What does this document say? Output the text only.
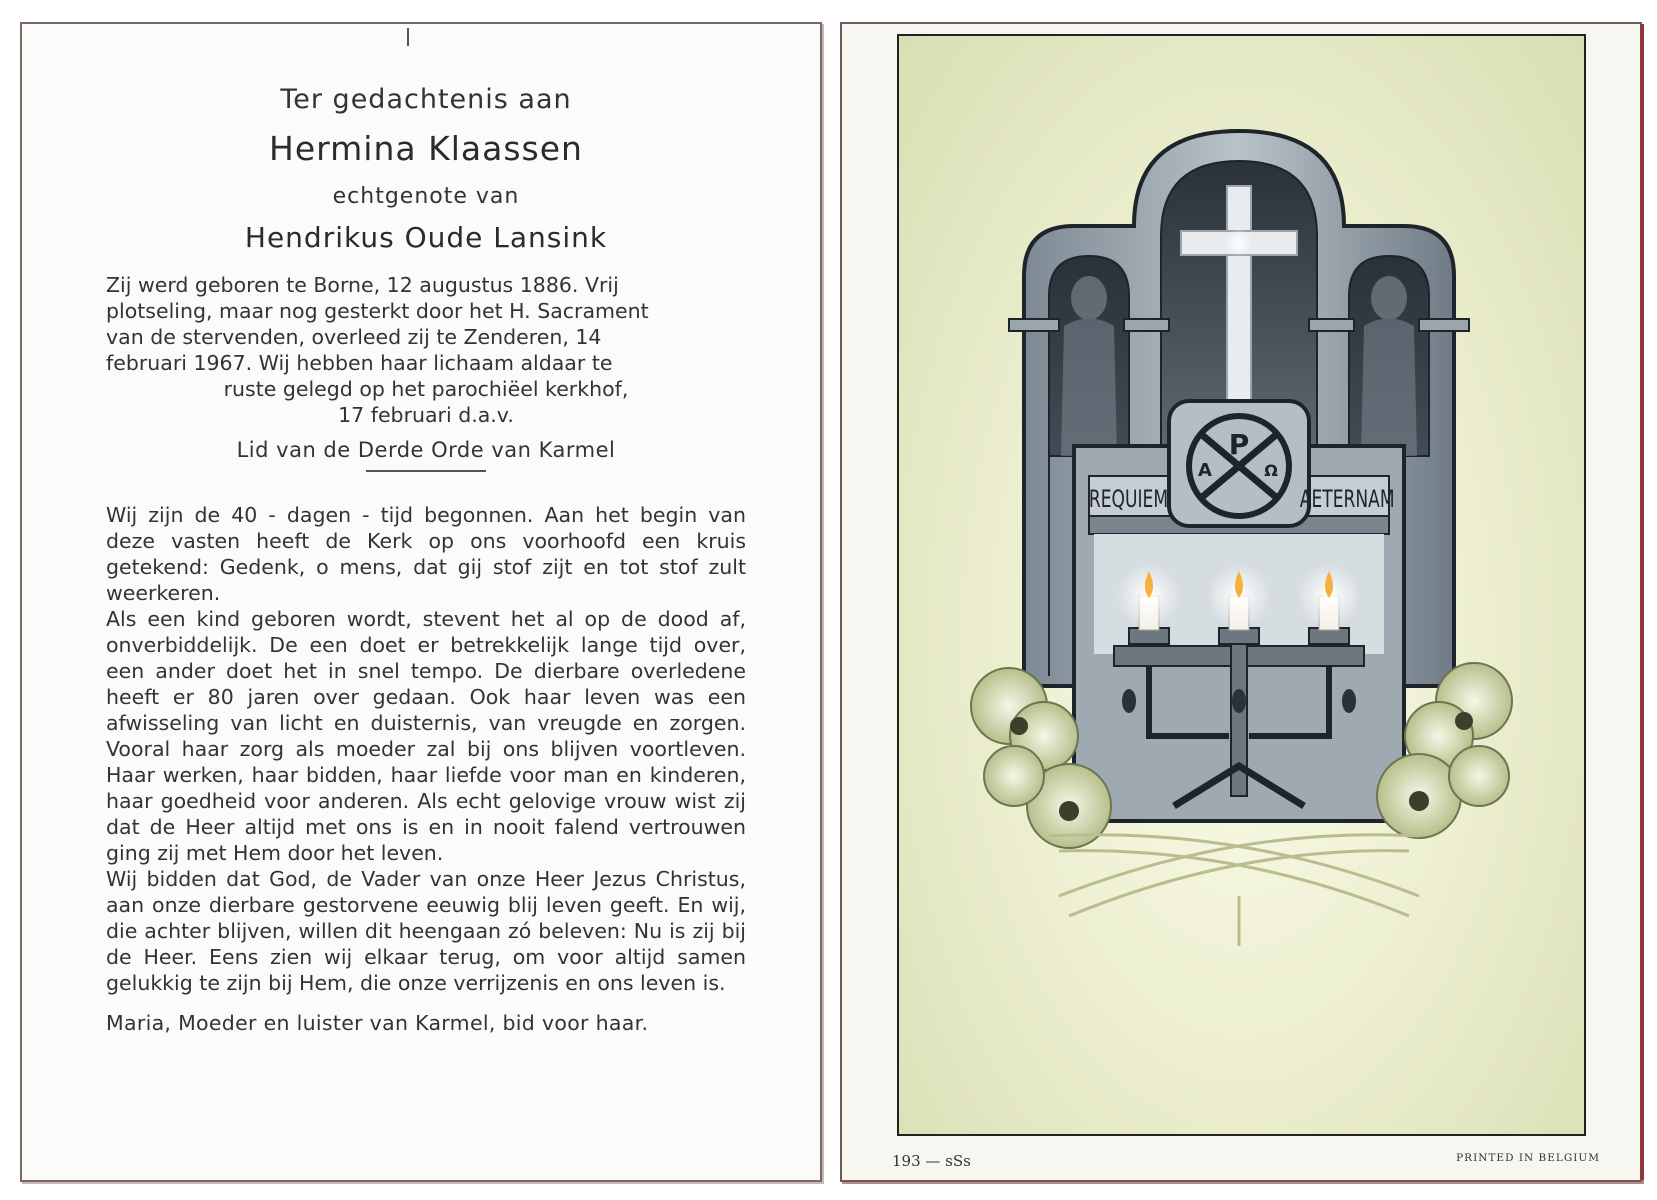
Ter gedachtenis aan
Hermina Klaassen
echtgenote van
Hendrikus Oude Lansink
Zij werd geboren te Borne, 12 augustus 1886. Vrij
plotseling, maar nog gesterkt door het H. Sacrament
van de stervenden, overleed zij te Zenderen, 14
februari 1967. Wij hebben haar lichaam aldaar te
ruste gelegd op het parochiëel kerkhof,
17 februari d.a.v.
Lid van de Derde Orde van Karmel

Wij zijn de 40 - dagen - tijd begonnen. Aan het begin van deze vasten heeft de Kerk op ons voorhoofd een kruis getekend: Gedenk, o mens, dat gij stof zijt en tot stof zult weerkeren.

Als een kind geboren wordt, stevent het al op de dood af, onverbiddelijk. De een doet er betrekkelijk lange tijd over, een ander doet het in snel tempo. De dierbare overledene heeft er 80 jaren over gedaan. Ook haar leven was een afwisseling van licht en duisternis, van vreugde en zorgen. Vooral haar zorg als moeder zal bij ons blijven voortleven. Haar werken, haar bidden, haar liefde voor man en kinderen, haar goedheid voor anderen. Als echt gelovige vrouw wist zij dat de Heer altijd met ons is en in nooit falend vertrouwen ging zij met Hem door het leven.

Wij bidden dat God, de Vader van onze Heer Jezus Christus, aan onze dierbare gestorvene eeuwig blij leven geeft. En wij, die achter blijven, willen dit heengaan zó beleven: Nu is zij bij de Heer. Eens zien wij elkaar terug, om voor altijd samen gelukkig te zijn bij Hem, die onze verrijzenis en ons leven is.

Maria, Moeder en luister van Karmel, bid voor haar.
P
A	Ω
REQUIEM	AETERNAM
193 — sSs	PRINTED IN BELGIUM
